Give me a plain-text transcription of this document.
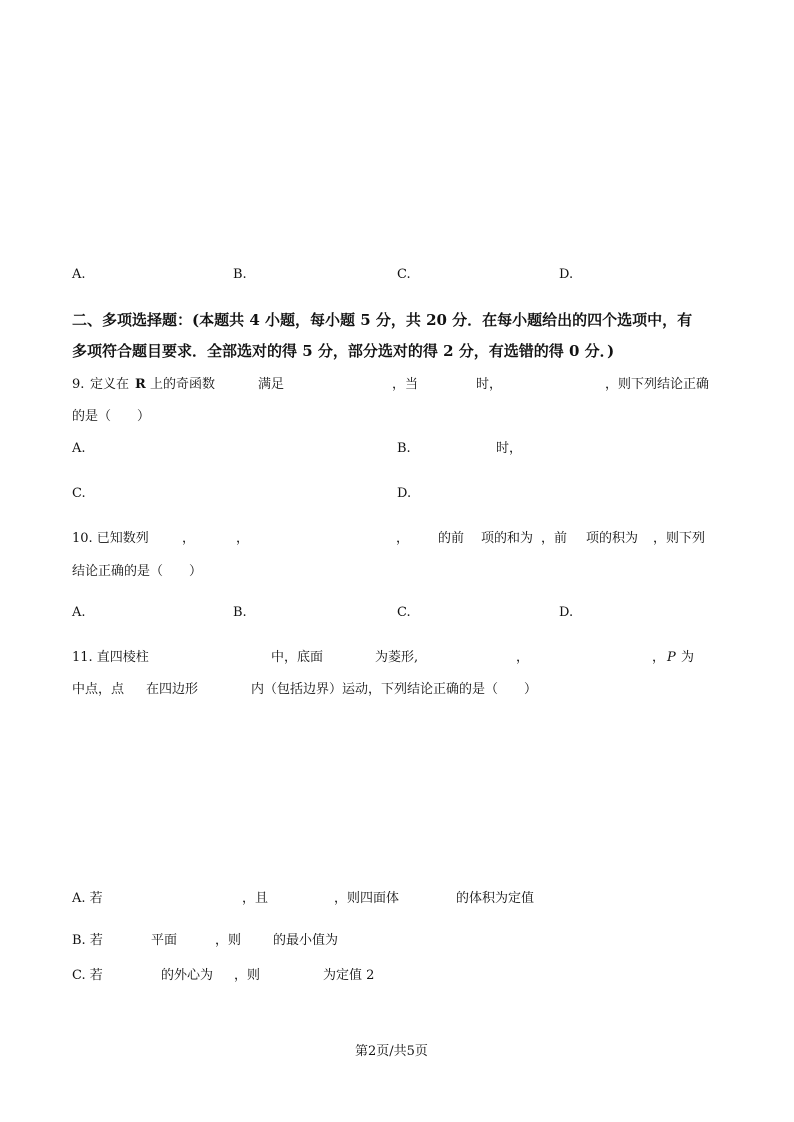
A.	B.	C.	D.
二、多项选择题：(本题共 4 小题，每小题 5 分，共 20 分．在每小题给出的四个选项中，有
多项符合题目要求．全部选对的得 5 分，部分选对的得 2 分，有选错的得 0 分．)
9. 定义在 R 上的奇函数	满足	，当	时，	，则下列结论正确
的是（　　）
A.	B.	时，
C.	D.
10. 已知数列	，	，	， 的前 项的和为 ，前 项的积为 ，则下列
结论正确的是（　　）
A.	B.	C.	D.
11. 直四棱柱	中，底面	为菱形,	，	， P 为
中点，点 在四边形	内（包括边界）运动，下列结论正确的是（　　）
A. 若	，且	，则四面体	的体积为定值
B. 若	平面	，则 的最小值为
C. 若	的外心为 ，则	为定值 2
第2页/共5页
